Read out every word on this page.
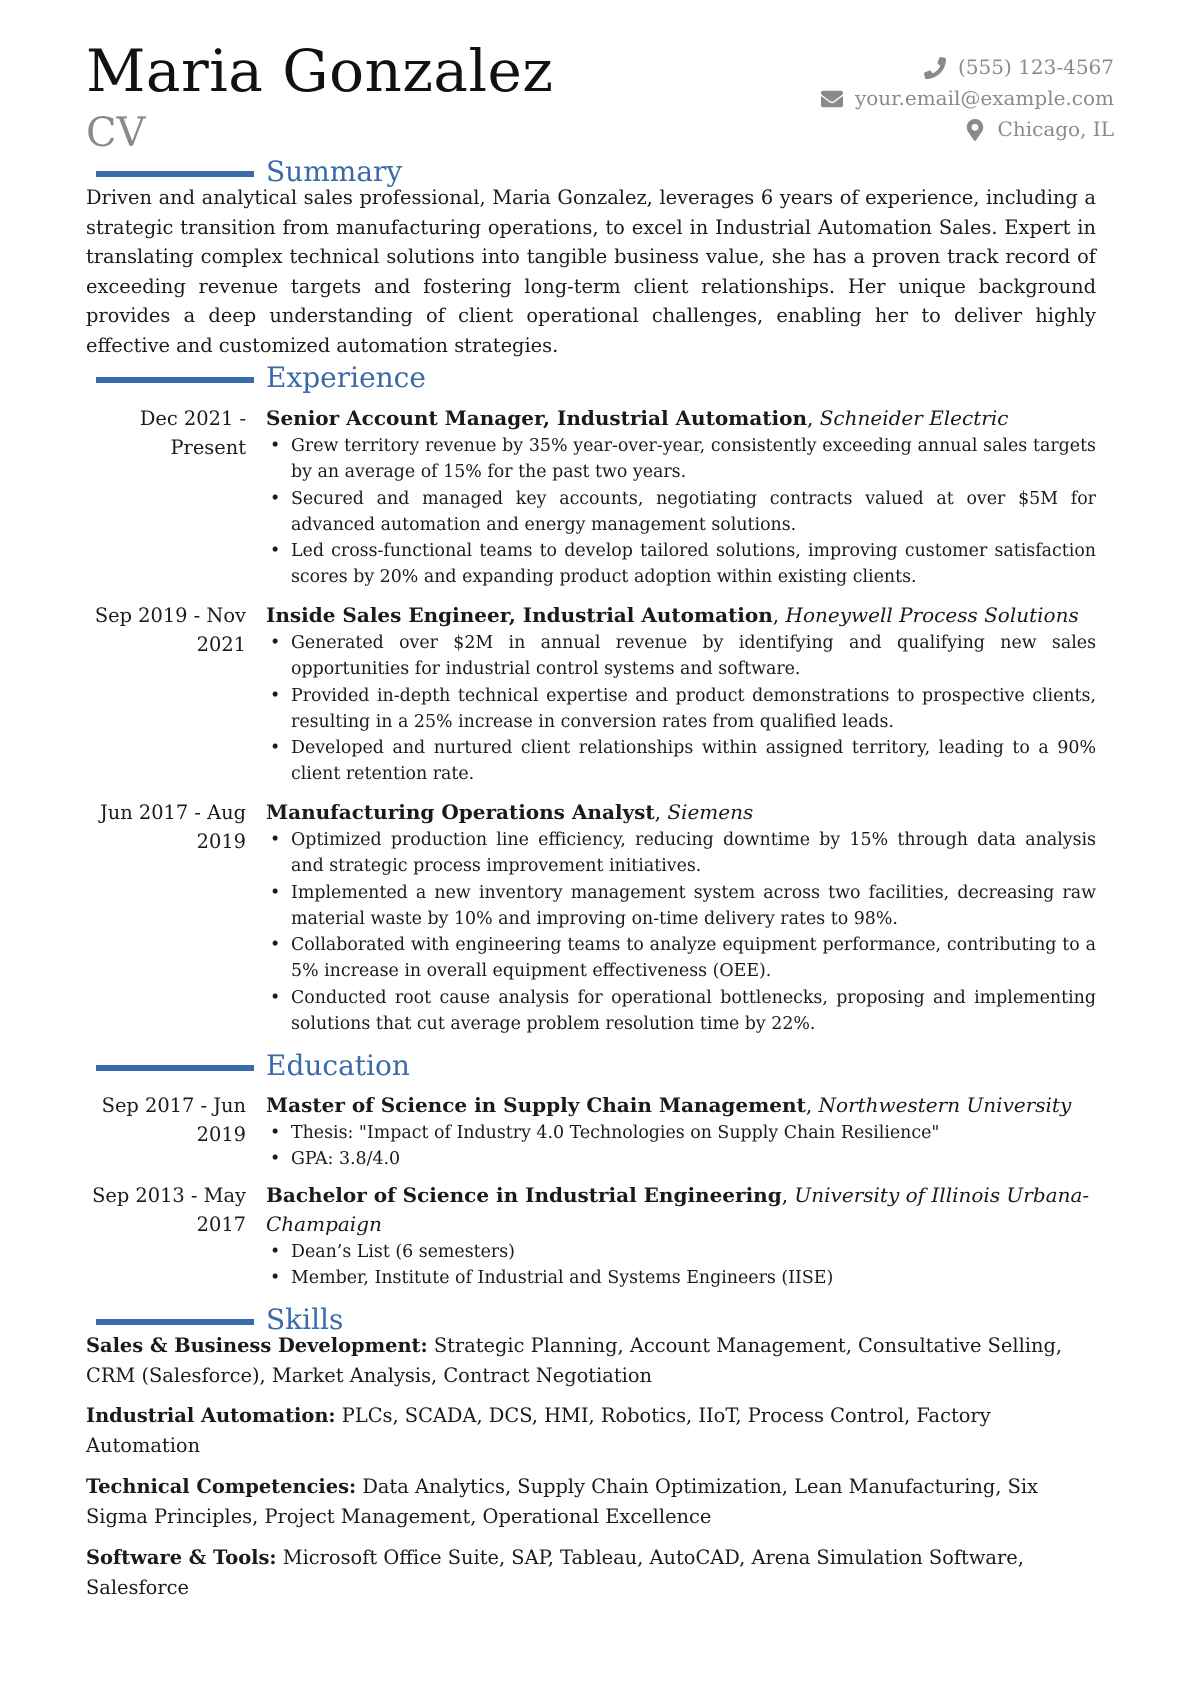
Maria Gonzalez
CV
(555) 123-4567
your.email@example.com
Chicago, IL
Summary
Driven and analytical sales professional, Maria Gonzalez, leverages 6 years of experience, including a strategic transition from manufacturing operations, to excel in Industrial Automation Sales. Expert in translating complex technical solutions into tangible business value, she has a proven track record of exceeding revenue targets and fostering long-term client relationships. Her unique background provides a deep understanding of client operational challenges, enabling her to deliver highly effective and customized automation strategies.
Experience
Dec 2021 - Present
Senior Account Manager, Industrial Automation, Schneider Electric
• Grew territory revenue by 35% year-over-year, consistently exceeding annual sales targets by an average of 15% for the past two years.
• Secured and managed key accounts, negotiating contracts valued at over $5M for advanced automation and energy management solutions.
• Led cross-functional teams to develop tailored solutions, improving customer satisfaction scores by 20% and expanding product adoption within existing clients.
Sep 2019 - Nov 2021
Inside Sales Engineer, Industrial Automation, Honeywell Process Solutions
• Generated over $2M in annual revenue by identifying and qualifying new sales opportunities for industrial control systems and software.
• Provided in-depth technical expertise and product demonstrations to prospective clients, resulting in a 25% increase in conversion rates from qualified leads.
• Developed and nurtured client relationships within assigned territory, leading to a 90% client retention rate.
Jun 2017 - Aug 2019
Manufacturing Operations Analyst, Siemens
• Optimized production line efficiency, reducing downtime by 15% through data analysis and strategic process improvement initiatives.
• Implemented a new inventory management system across two facilities, decreasing raw material waste by 10% and improving on-time delivery rates to 98%.
• Collaborated with engineering teams to analyze equipment performance, contributing to a 5% increase in overall equipment effectiveness (OEE).
• Conducted root cause analysis for operational bottlenecks, proposing and implementing solutions that cut average problem resolution time by 22%.
Education
Sep 2017 - Jun 2019
Master of Science in Supply Chain Management, Northwestern University
• Thesis: "Impact of Industry 4.0 Technologies on Supply Chain Resilience"
• GPA: 3.8/4.0
Sep 2013 - May 2017
Bachelor of Science in Industrial Engineering, University of Illinois Urbana-Champaign
• Dean’s List (6 semesters)
• Member, Institute of Industrial and Systems Engineers (IISE)
Skills
Sales & Business Development: Strategic Planning, Account Management, Consultative Selling, CRM (Salesforce), Market Analysis, Contract Negotiation
Industrial Automation: PLCs, SCADA, DCS, HMI, Robotics, IIoT, Process Control, Factory Automation
Technical Competencies: Data Analytics, Supply Chain Optimization, Lean Manufacturing, Six Sigma Principles, Project Management, Operational Excellence
Software & Tools: Microsoft Office Suite, SAP, Tableau, AutoCAD, Arena Simulation Software, Salesforce
